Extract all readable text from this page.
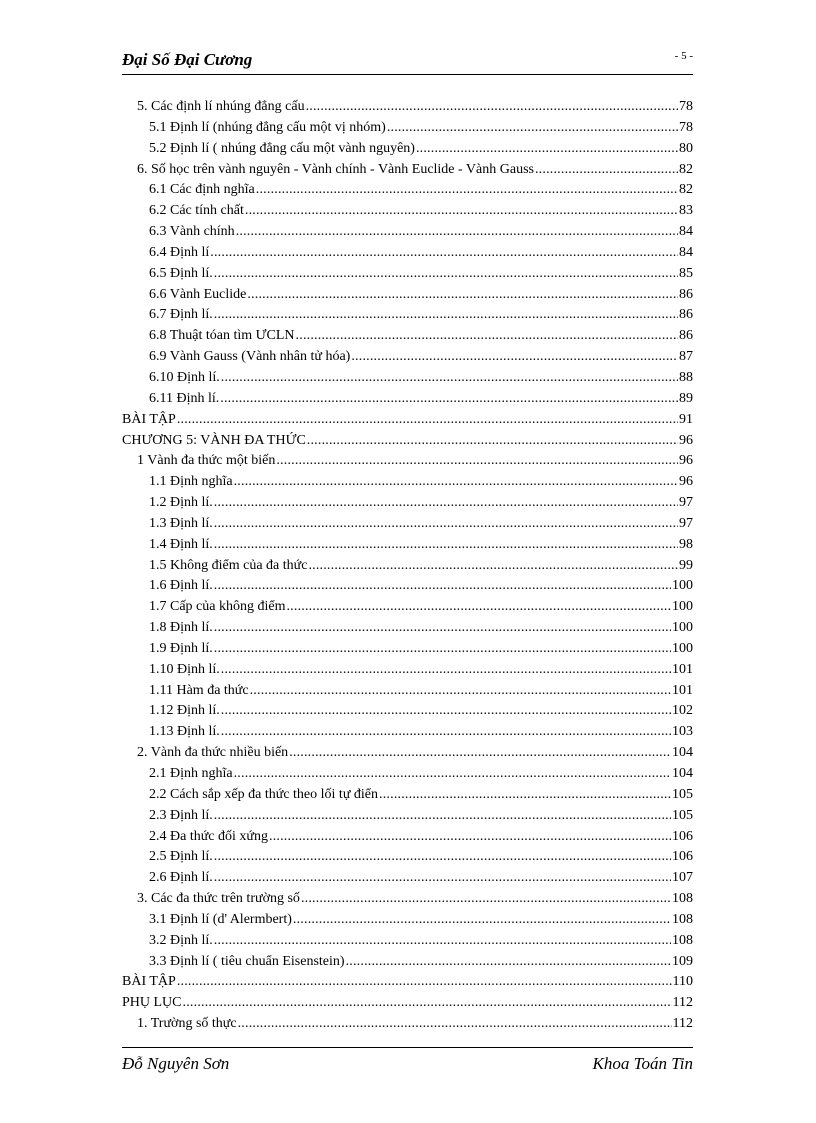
Đại Số Đại Cương	- 5 -
5. Các định lí nhúng đẳng cấu .....	78
5.1 Định lí (nhúng đẳng cấu một vị nhóm) .....	78
5.2 Định lí ( nhúng đẳng cấu một vành nguyên) .....	80
6. Số học trên vành nguyên - Vành chính - Vành Euclide - Vành Gauss .....	82
6.1 Các định nghĩa .....	82
6.2 Các tính chất .....	83
6.3 Vành chính .....	84
6.4 Định lí .....	84
6.5 Định lí. .....	85
6.6 Vành Euclide .....	86
6.7 Định lí. .....	86
6.8 Thuật tóan tìm ƯCLN .....	86
6.9 Vành Gauss (Vành nhân tử hóa) .....	87
6.10 Định lí. .....	88
6.11 Định lí. .....	89
BÀI TẬP .....	91
CHƯƠNG 5: VÀNH ĐA THỨC .....	96
1 Vành đa thức một biến .....	96
1.1 Định nghĩa .....	96
1.2 Định lí. .....	97
1.3 Định lí. .....	97
1.4 Định lí. .....	98
1.5 Không điểm của đa thức .....	99
1.6 Định lí. .....	100
1.7 Cấp của không điểm .....	100
1.8 Định lí. .....	100
1.9 Định lí. .....	100
1.10 Định lí. .....	101
1.11 Hàm đa thức .....	101
1.12 Định lí. .....	102
1.13 Định lí. .....	103
2. Vành đa thức nhiều biến .....	104
2.1 Định nghĩa .....	104
2.2 Cách sắp xếp đa thức theo lối tự điển .....	105
2.3 Định lí. .....	105
2.4 Đa thức đối xứng .....	106
2.5 Định lí. .....	106
2.6 Định lí. .....	107
3. Các đa thức trên trường số .....	108
3.1 Định lí (d' Alermbert) .....	108
3.2 Định lí. .....	108
3.3 Định lí ( tiêu chuẩn Eisenstein) .....	109
BÀI TẬP .....	110
PHỤ LỤC .....	112
1. Trường số thực .....	112
Đỗ Nguyên Sơn	Khoa Toán Tin
